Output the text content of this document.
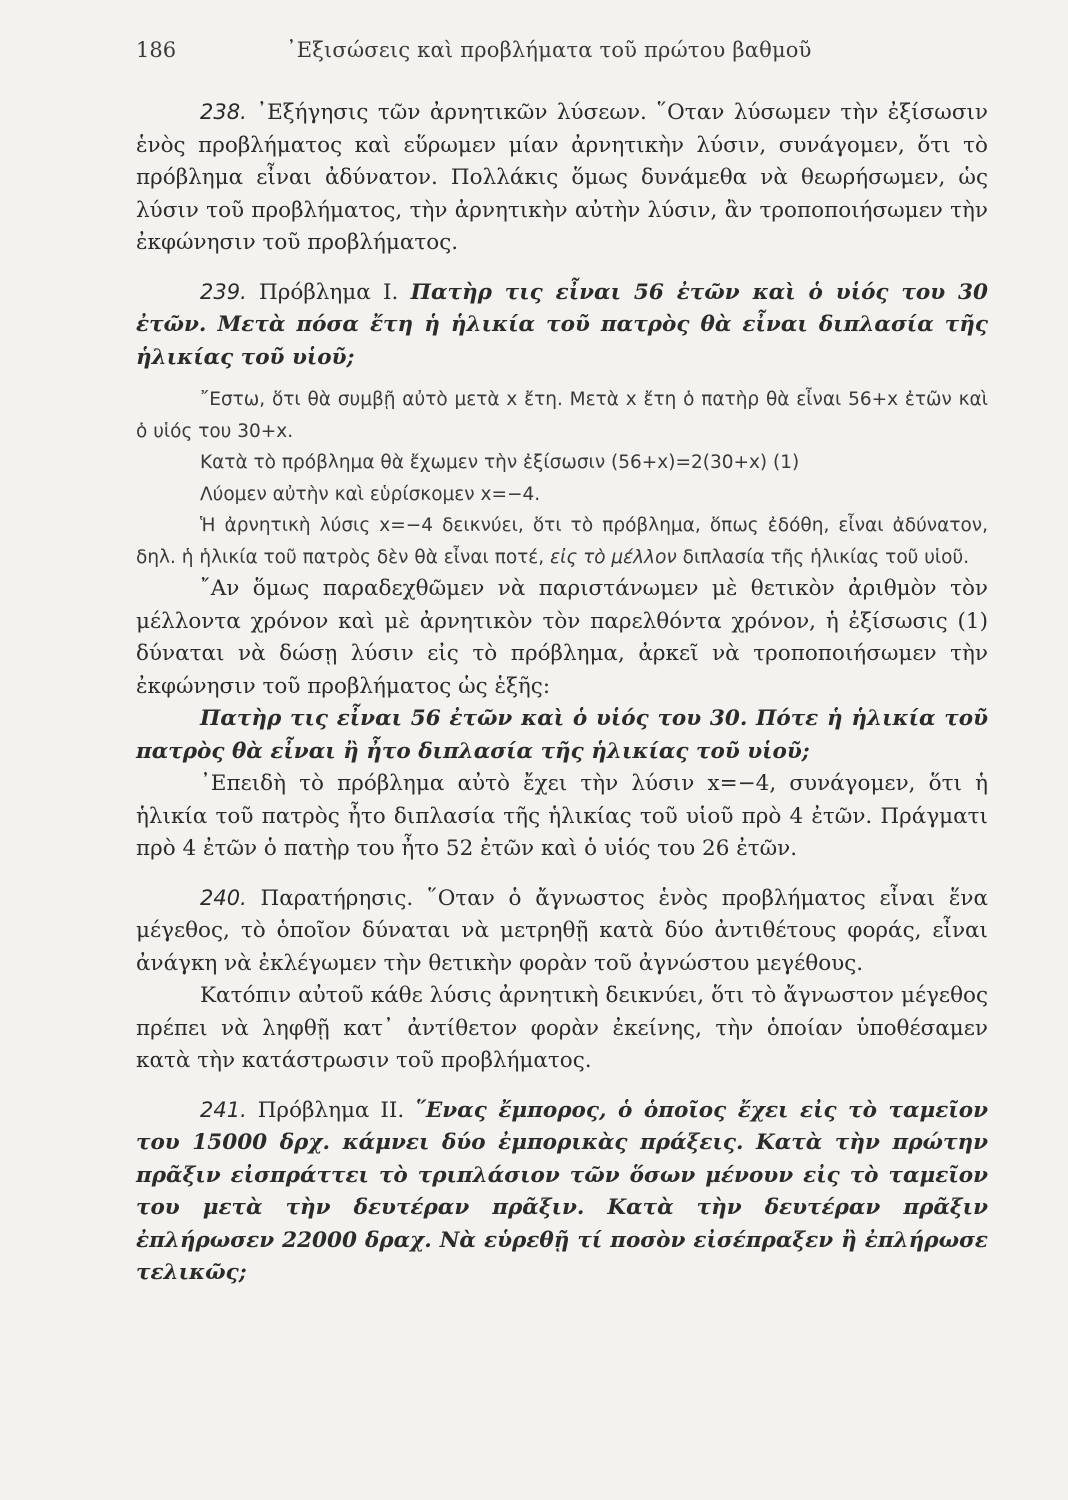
186	᾿Εξισώσεις καὶ προβλήματα τοῦ πρώτου βαθμοῦ

238. ᾿Εξήγησις τῶν ἀρνητικῶν λύσεων. ῞Οταν λύσωμεν τὴν ἐξίσωσιν ἑνὸς προβλήματος καὶ εὕρωμεν μίαν ἀρνητικὴν λύσιν, συνάγομεν, ὅτι τὸ πρόβλημα εἶναι ἀδύνατον. Πολλάκις ὅμως δυνάμεθα νὰ θεωρήσωμεν, ὡς λύσιν τοῦ προβλήματος, τὴν ἀρνητικὴν αὐτὴν λύσιν, ἂν τροποποιήσωμεν τὴν ἐκφώνησιν τοῦ προβλήματος.

239. Πρόβλημα I. Πατὴρ τις εἶναι 56 ἐτῶν καὶ ὁ υἱός του 30 ἐτῶν. Μετὰ πόσα ἔτη ἡ ἡλικία τοῦ πατρὸς θὰ εἶναι διπλασία τῆς ἡλικίας τοῦ υἱοῦ;

῎Εστω, ὅτι θὰ συμβῇ αὐτὸ μετὰ x ἔτη. Μετὰ x ἔτη ὁ πατὴρ θὰ εἶναι 56+x ἐτῶν καὶ ὁ υἱός του 30+x.

Κατὰ τὸ πρόβλημα θὰ ἔχωμεν τὴν ἐξίσωσιν (56+x)=2(30+x) (1)

Λύομεν αὐτὴν καὶ εὑρίσκομεν x=−4.

Ἡ ἀρνητικὴ λύσις x=−4 δεικνύει, ὅτι τὸ πρόβλημα, ὅπως ἐδόθη, εἶναι ἀδύνατον, δηλ. ἡ ἡλικία τοῦ πατρὸς δὲν θὰ εἶναι ποτέ, εἰς τὸ μέλλον διπλασία τῆς ἡλικίας τοῦ υἱοῦ.

῎Αν ὅμως παραδεχθῶμεν νὰ παριστάνωμεν μὲ θετικὸν ἀριθμὸν τὸν μέλλοντα χρόνον καὶ μὲ ἀρνητικὸν τὸν παρελθόντα χρόνον, ἡ ἐξίσωσις (1) δύναται νὰ δώσῃ λύσιν εἰς τὸ πρόβλημα, ἀρκεῖ νὰ τροποποιήσωμεν τὴν ἐκφώνησιν τοῦ προβλήματος ὡς ἑξῆς:

Πατὴρ τις εἶναι 56 ἐτῶν καὶ ὁ υἱός του 30. Πότε ἡ ἡλικία τοῦ πατρὸς θὰ εἶναι ἢ ἦτο διπλασία τῆς ἡλικίας τοῦ υἱοῦ;

᾿Επειδὴ τὸ πρόβλημα αὐτὸ ἔχει τὴν λύσιν x=−4, συνάγομεν, ὅτι ἡ ἡλικία τοῦ πατρὸς ἦτο διπλασία τῆς ἡλικίας τοῦ υἱοῦ πρὸ 4 ἐτῶν. Πράγματι πρὸ 4 ἐτῶν ὁ πατὴρ του ἦτο 52 ἐτῶν καὶ ὁ υἱός του 26 ἐτῶν.

240. Παρατήρησις. ῞Οταν ὁ ἄγνωστος ἑνὸς προβλήματος εἶναι ἕνα μέγεθος, τὸ ὁποῖον δύναται νὰ μετρηθῇ κατὰ δύο ἀντιθέτους φοράς, εἶναι ἀνάγκη νὰ ἐκλέγωμεν τὴν θετικὴν φορὰν τοῦ ἀγνώστου μεγέθους.

Κατόπιν αὐτοῦ κάθε λύσις ἀρνητικὴ δεικνύει, ὅτι τὸ ἄγνωστον μέγεθος πρέπει νὰ ληφθῇ κατ᾿ ἀντίθετον φορὰν ἐκείνης, τὴν ὁποίαν ὑποθέσαμεν κατὰ τὴν κατάστρωσιν τοῦ προβλήματος.

241. Πρόβλημα II. ῞Ενας ἔμπορος, ὁ ὁποῖος ἔχει εἰς τὸ ταμεῖον του 15000 δρχ. κάμνει δύο ἐμπορικὰς πράξεις. Κατὰ τὴν πρώτην πρᾶξιν εἰσπράττει τὸ τριπλάσιον τῶν ὅσων μένουν εἰς τὸ ταμεῖον του μετὰ τὴν δευτέραν πρᾶξιν. Κατὰ τὴν δευτέραν πρᾶξιν ἐπλήρωσεν 22000 δραχ. Νὰ εὑρεθῇ τί ποσὸν εἰσέπραξεν ἢ ἐπλήρωσε τελικῶς;
